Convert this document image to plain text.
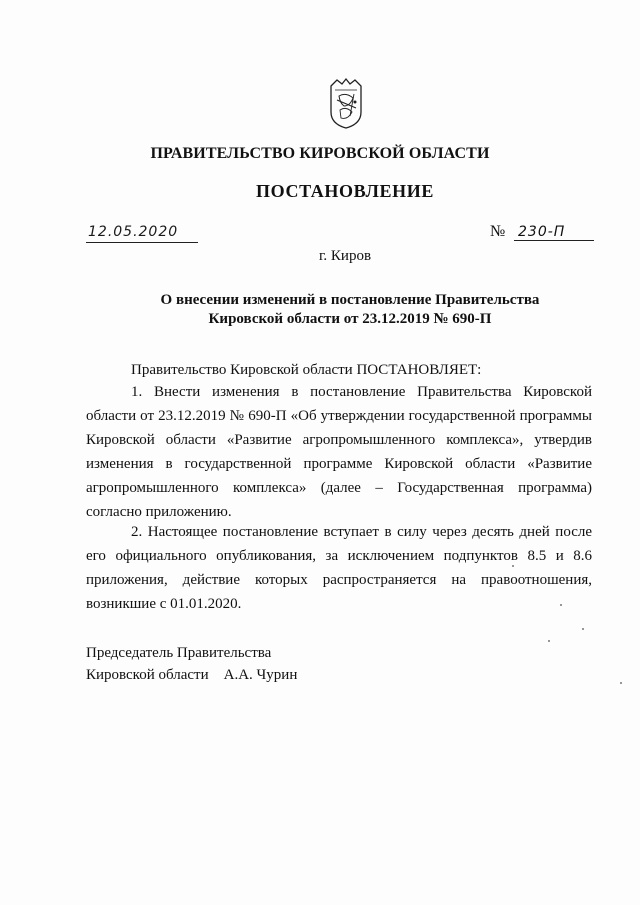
ПРАВИТЕЛЬСТВО КИРОВСКОЙ ОБЛАСТИ
ПОСТАНОВЛЕНИЕ
12.05.2020	№ 230-П
г. Киров
О внесении изменений в постановление Правительства
Кировской области от 23.12.2019 № 690-П
Правительство Кировской области ПОСТАНОВЛЯЕТ:
1. Внести изменения в постановление Правительства Кировской области от 23.12.2019 № 690-П «Об утверждении государственной программы Кировской области «Развитие агропромышленного комплекса», утвердив изменения в государственной программе Кировской области «Развитие агропромышленного комплекса» (далее – Государственная программа) согласно приложению.
2. Настоящее постановление вступает в силу через десять дней после его официального опубликования, за исключением подпунктов 8.5 и 8.6 приложения, действие которых распространяется на правоотношения, возникшие с 01.01.2020.
Председатель Правительства
Кировской области А.А. Чурин
